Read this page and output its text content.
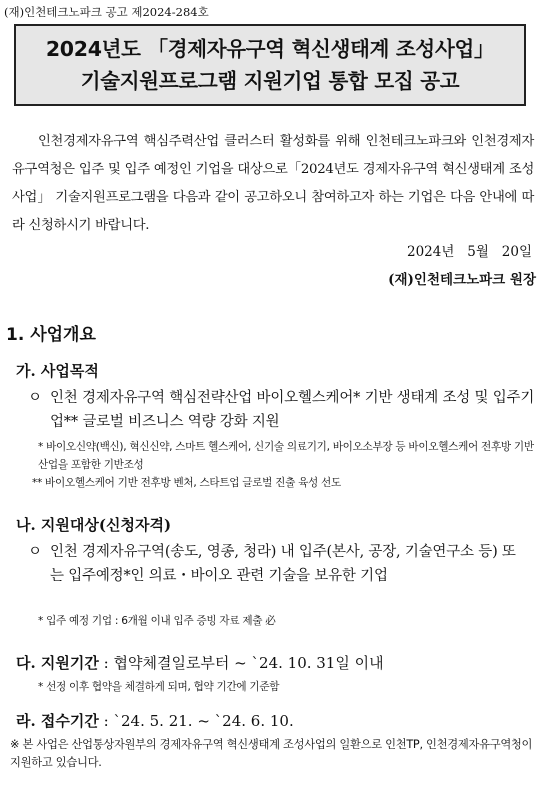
(재)인천테크노파크 공고 제2024-284호
2024년도 「경제자유구역 혁신생태계 조성사업」
기술지원프로그램 지원기업 통합 모집 공고
인천경제자유구역 핵심주력산업 클러스터 활성화를 위해 인천테크노파크와 인천경제자유구역청은 입주 및 입주 예정인 기업을 대상으로「2024년도 경제자유구역 혁신생태계 조성사업」 기술지원프로그램을 다음과 같이 공고하오니 참여하고자 하는 기업은 다음 안내에 따라 신청하시기 바랍니다.
2024년   5월   20일
(재)인천테크노파크 원장
1. 사업개요
가. 사업목적
ㅇ 인천 경제자유구역 핵심전략산업 바이오헬스케어* 기반 생태계 조성 및 입주기업** 글로벌 비즈니스 역량 강화 지원
* 바이오신약(백신), 혁신신약, 스마트 헬스케어, 신기술 의료기기, 바이오소부장 등 바이오헬스케어 전후방 기반 산업을 포함한 기반조성
** 바이오헬스케어 기반 전후방 벤처, 스타트업 글로벌 진출 육성 선도
나. 지원대상(신청자격)
ㅇ 인천 경제자유구역(송도, 영종, 청라) 내 입주(본사, 공장, 기술연구소 등) 또는 입주예정*인 의료・바이오 관련 기술을 보유한 기업
* 입주 예정 기업 : 6개월 이내 입주 증빙 자료 제출 必
다. 지원기간 : 협약체결일로부터 ~ `24. 10. 31일 이내
* 선정 이후 협약을 체결하게 되며, 협약 기간에 기준함
라. 접수기간 : `24. 5. 21. ~ `24. 6. 10.
※ 본 사업은 산업통상자원부의 경제자유구역 혁신생태계 조성사업의 일환으로 인천TP, 인천경제자유구역청이 지원하고 있습니다.
